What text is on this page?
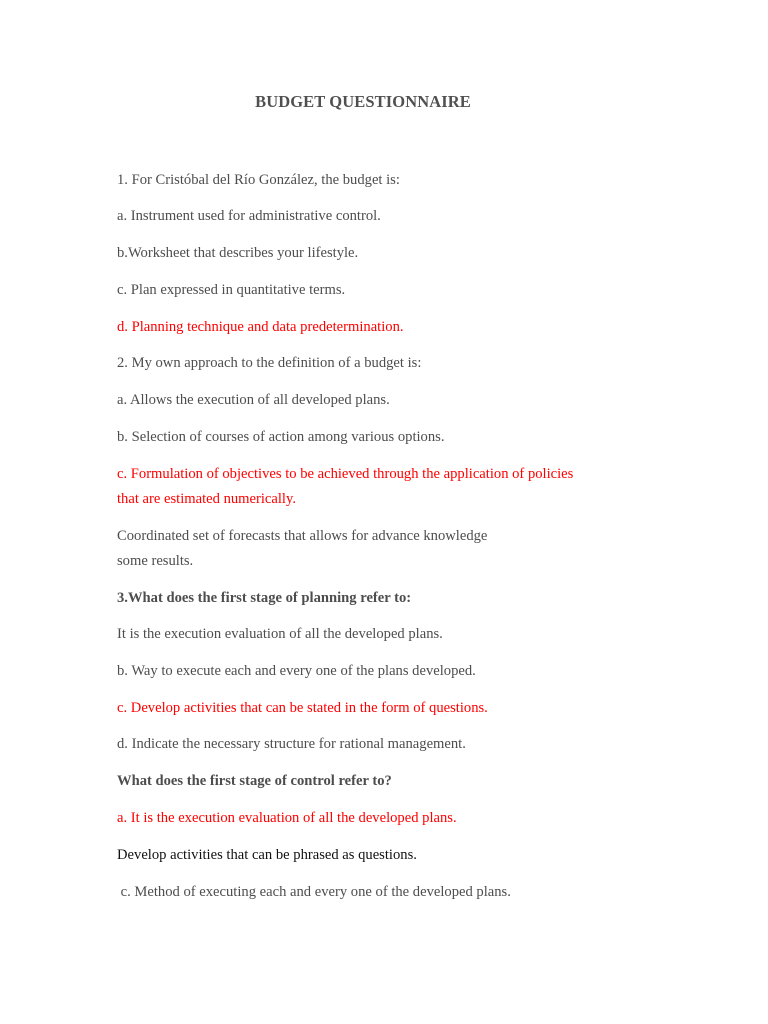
BUDGET QUESTIONNAIRE
1. For Cristóbal del Río González, the budget is:
a. Instrument used for administrative control.
b.Worksheet that describes your lifestyle.
c. Plan expressed in quantitative terms.
d. Planning technique and data predetermination.
2. My own approach to the definition of a budget is:
a. Allows the execution of all developed plans.
b. Selection of courses of action among various options.
c. Formulation of objectives to be achieved through the application of policies
that are estimated numerically.
Coordinated set of forecasts that allows for advance knowledge
some results.
3.What does the first stage of planning refer to:
It is the execution evaluation of all the developed plans.
b. Way to execute each and every one of the plans developed.
c. Develop activities that can be stated in the form of questions.
d. Indicate the necessary structure for rational management.
What does the first stage of control refer to?
a. It is the execution evaluation of all the developed plans.
Develop activities that can be phrased as questions.
c. Method of executing each and every one of the developed plans.
